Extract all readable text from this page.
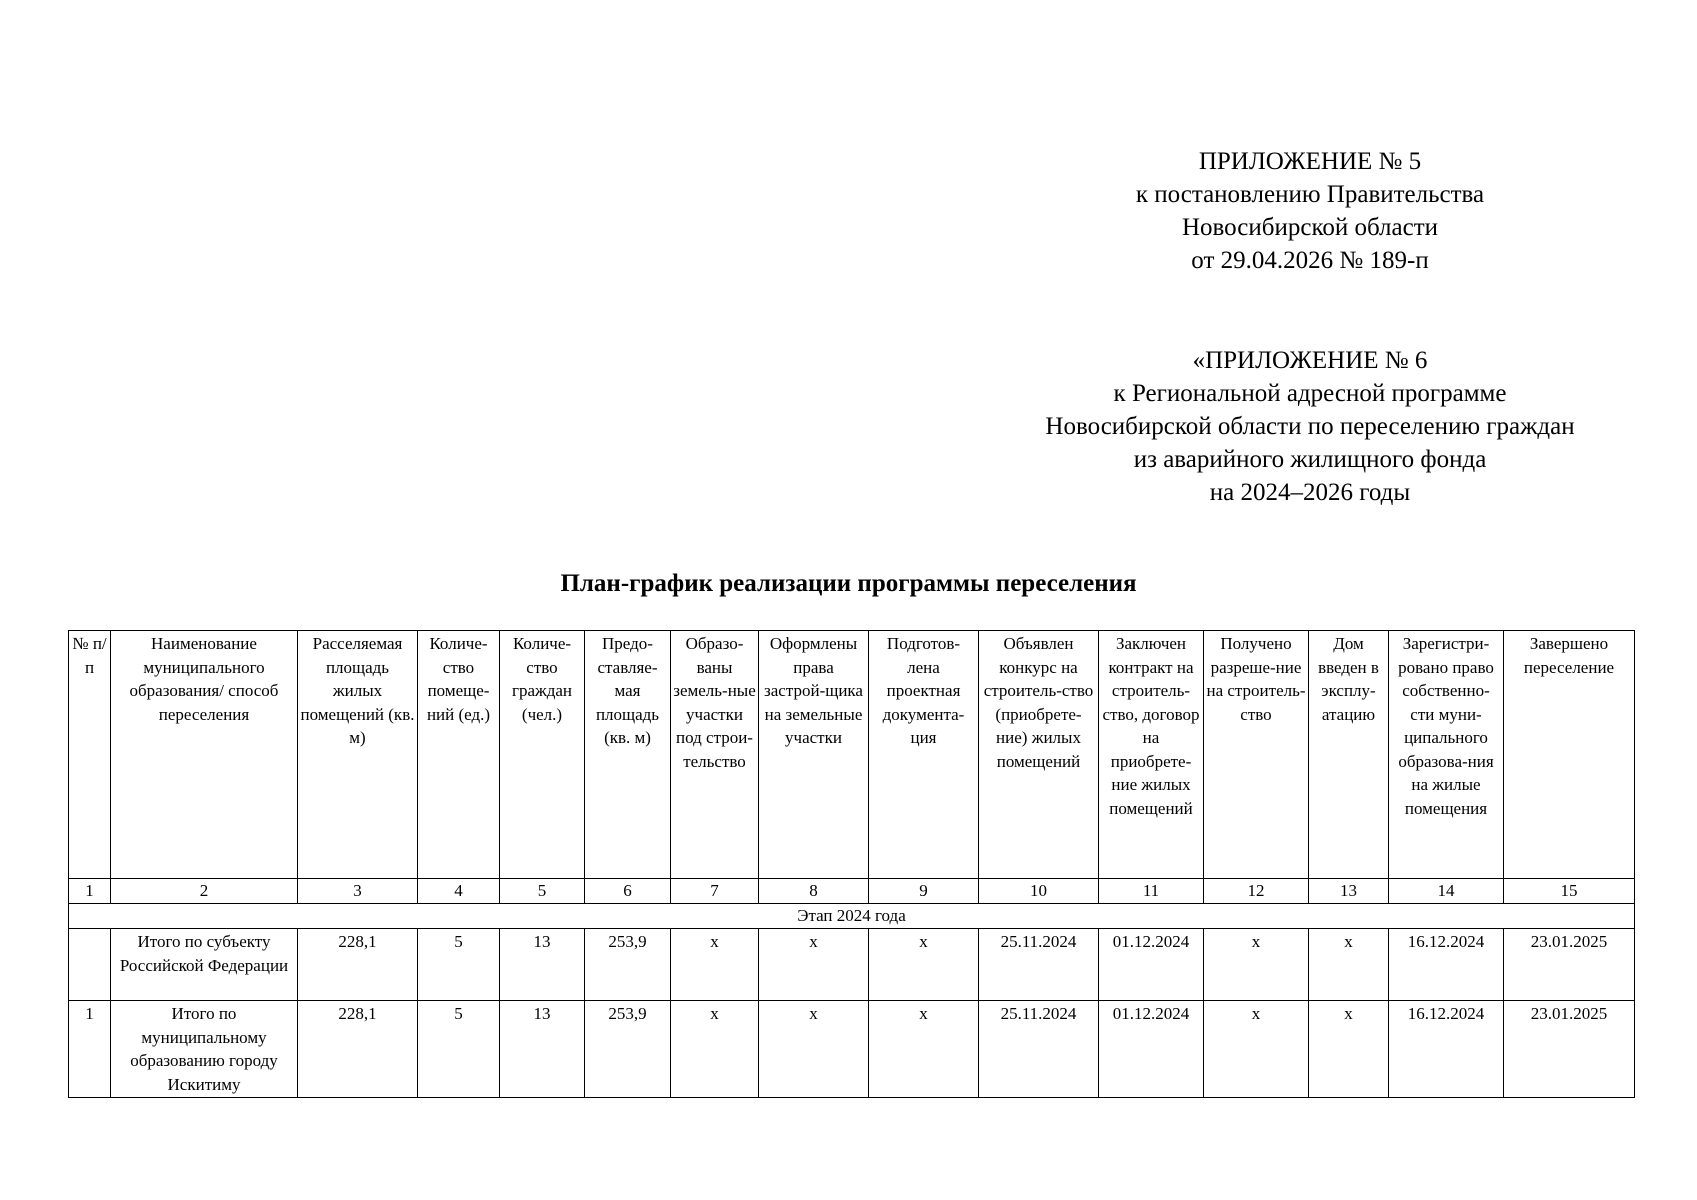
ПРИЛОЖЕНИЕ № 5
к постановлению Правительства
Новосибирской области
от 29.04.2026 № 189-п
«ПРИЛОЖЕНИЕ № 6
к Региональной адресной программе
Новосибирской области по переселению граждан
из аварийного жилищного фонда
на 2024–2026 годы
План-график реализации программы переселения
№ п/п	Наименование муниципального образования/ способ переселения	Расселяемая площадь жилых помещений (кв. м)	Количе-ство помеще-ний (ед.)	Количе-ство граждан (чел.)	Предо-ставляе-мая площадь (кв. м)	Образо-ваны земель-ные участки под строи-тельство	Оформлены права застрой-щика на земельные участки	Подготов-лена проектная документа-ция	Объявлен конкурс на строитель-ство (приобрете-ние) жилых помещений	Заключен контракт на строитель-ство, договор на приобрете-ние жилых помещений	Получено разреше-ние на строитель-ство	Дом введен в эксплу-атацию	Зарегистри-ровано право собственно-сти муни-ципального образова-ния на жилые помещения	Завершено переселение
1	2	3	4	5	6	7	8	9	10	11	12	13	14	15
Этап 2024 года														
	Итого по субъекту Российской Федерации	228,1	5	13	253,9	х	х	х	25.11.2024	01.12.2024	х	х	16.12.2024	23.01.2025
1	Итого по муниципальному образованию городу Искитиму	228,1	5	13	253,9	х	х	х	25.11.2024	01.12.2024	х	х	16.12.2024	23.01.2025
